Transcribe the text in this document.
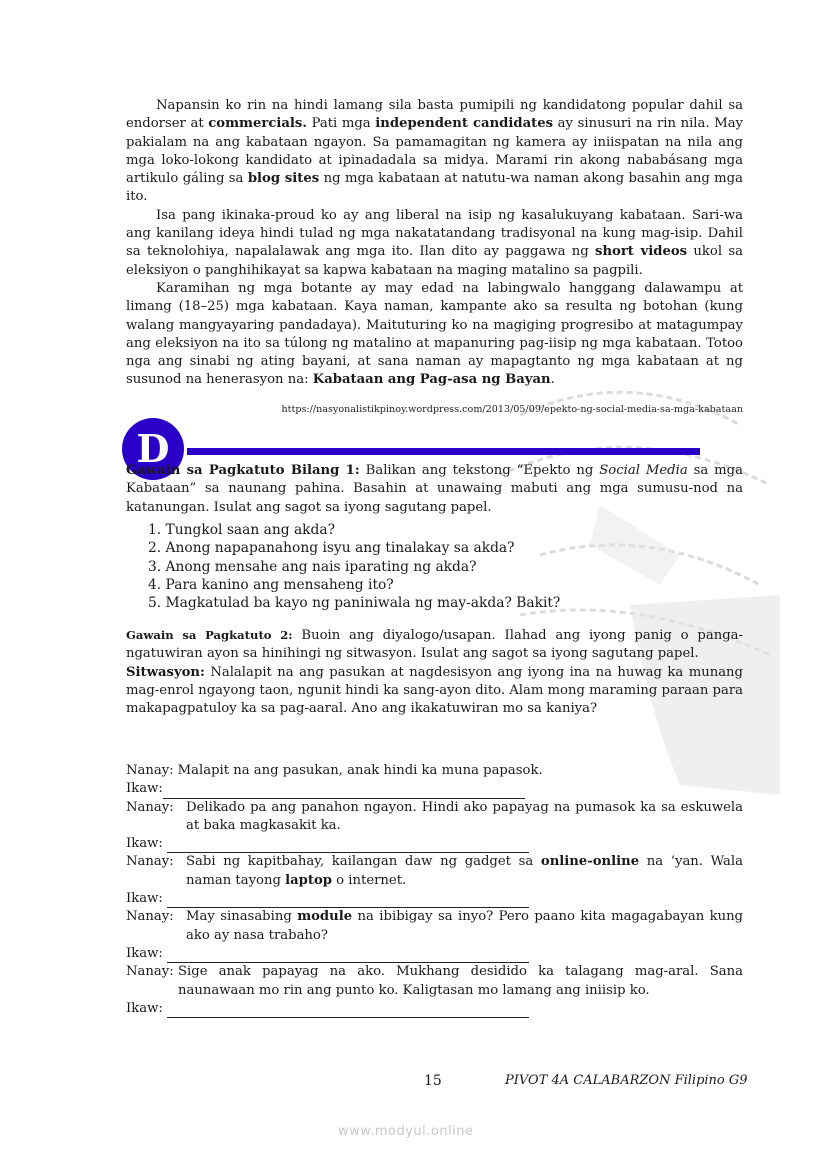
Napansin ko rin na hindi lamang sila basta pumipili ng kandidatong popular dahil sa endorser at commercials. Pati mga independent candidates ay sinusuri na rin nila. May pakialam na ang kabataan ngayon. Sa pamamagitan ng kamera ay iniispatan na nila ang mga loko-lokong kandidato at ipinadadala sa midya. Marami rin akong nababásang mga artikulo gáling sa blog sites ng mga kabataan at natutu-wa naman akong basahin ang mga ito.

Isa pang ikinaka-proud ko ay ang liberal na isip ng kasalukuyang kabataan. Sari-wa ang kanilang ideya hindi tulad ng mga nakatatandang tradisyonal na kung mag-isip. Dahil sa teknolohiya, napalalawak ang mga ito. Ilan dito ay paggawa ng short videos ukol sa eleksiyon o panghihikayat sa kapwa kabataan na maging matalino sa pagpili.

Karamihan ng mga botante ay may edad na labingwalo hanggang dalawampu at limang (18–25) mga kabataan. Kaya naman, kampante ako sa resulta ng botohan (kung walang mangyayaring pandadaya). Maituturing ko na magiging progresibo at matagumpay ang eleksiyon na ito sa túlong ng matalino at mapanuring pag-iisip ng mga kabataan. Totoo nga ang sinabi ng ating bayani, at sana naman ay mapagtanto ng mga kabataan at ng susunod na henerasyon na: Kabataan ang Pag-asa ng Bayan.

https://nasyonalistikpinoy.wordpress.com/2013/05/09/epekto-ng-social-media-sa-mga-kabataan
D

Gawain sa Pagkatuto Bilang 1: Balikan ang tekstong “Epekto ng Social Media sa mga Kabataan” sa naunang pahina. Basahin at unawaing mabuti ang mga sumusu-nod na katanungan. Isulat ang sagot sa iyong sagutang papel.

1. Tungkol saan ang akda?
2. Anong napapanahong isyu ang tinalakay sa akda?
3. Anong mensahe ang nais iparating ng akda?
4. Para kanino ang mensaheng ito?
5. Magkatulad ba kayo ng paniniwala ng may-akda? Bakit?

Gawain sa Pagkatuto 2: Buoin ang diyalogo/usapan. Ilahad ang iyong panig o panga-ngatuwiran ayon sa hinihingi ng sitwasyon. Isulat ang sagot sa iyong sagutang papel.

Sitwasyon: Nalalapit na ang pasukan at nagdesisyon ang iyong ina na huwag ka munang mag-enrol ngayong taon, ngunit hindi ka sang-ayon dito. Alam mong maraming paraan para makapagpatuloy ka sa pag-aaral. Ano ang ikakatuwiran mo sa kaniya?

Nanay: Malapit na ang pasukan, anak hindi ka muna papasok.
Ikaw:
Nanay: Delikado pa ang panahon ngayon. Hindi ako papayag na pumasok ka sa eskuwela at baka magkasakit ka.
Ikaw:
Nanay: Sabi ng kapitbahay, kailangan daw ng gadget sa online-online na ‘yan. Wala naman tayong laptop o internet.
Ikaw:
Nanay: May sinasabing module na ibibigay sa inyo? Pero paano kita magagabayan kung ako ay nasa trabaho?
Ikaw:
Nanay: Sige anak papayag na ako. Mukhang desidido ka talagang mag-aral. Sana naunawaan mo rin ang punto ko. Kaligtasan mo lamang ang iniisip ko.
Ikaw:
15	PIVOT 4A CALABARZON Filipino G9
www.modyul.online
